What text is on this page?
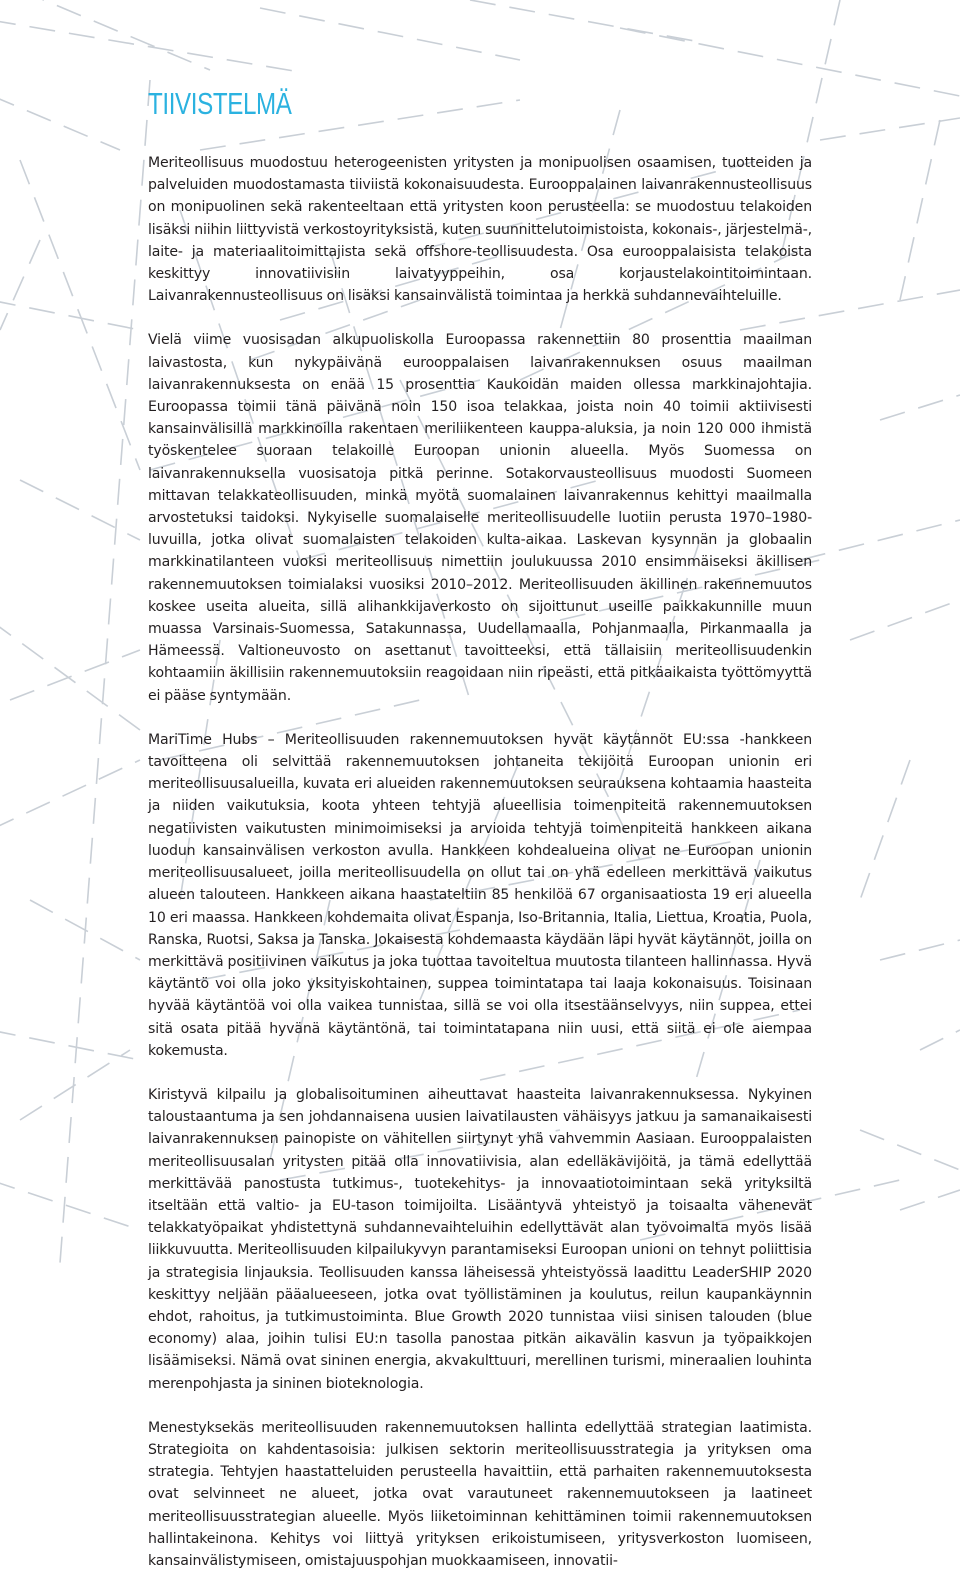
TIIVISTELMÄ

Meriteollisuus muodostuu heterogeenisten yritysten ja monipuolisen osaamisen, tuotteiden ja palveluiden muodostamasta tiiviistä kokonaisuudesta. Eurooppalainen laivanrakennusteollisuus on monipuolinen sekä rakenteeltaan että yritysten koon perusteella: se muodostuu telakoiden lisäksi niihin liittyvistä verkostoyrityksistä, kuten suunnittelutoimistoista, kokonais-, järjestelmä-, laite- ja materiaalitoimittajista sekä offshore-teollisuudesta. Osa eurooppalaisista telakoista keskittyy innovatiivisiin laivatyyppeihin, osa korjaustelakointitoimintaan. Laivanrakennusteollisuus on lisäksi kansainvälistä toimintaa ja herkkä suhdannevaihteluille.

Vielä viime vuosisadan alkupuoliskolla Euroopassa rakennettiin 80 prosenttia maailman laivastosta, kun nykypäivänä eurooppalaisen laivanrakennuksen osuus maailman laivanrakennuksesta on enää 15 prosenttia Kaukoidän maiden ollessa markkinajohtajia. Euroopassa toimii tänä päivänä noin 150 isoa telakkaa, joista noin 40 toimii aktiivisesti kansainvälisillä markkinoilla rakentaen meriliikenteen kauppa-aluksia, ja noin 120 000 ihmistä työskentelee suoraan telakoille Euroopan unionin alueella. Myös Suomessa on laivanrakennuksella vuosisatoja pitkä perinne. Sotakorvausteollisuus muodosti Suomeen mittavan telakkateollisuuden, minkä myötä suomalainen laivanrakennus kehittyi maailmalla arvostetuksi taidoksi. Nykyiselle suomalaiselle meriteollisuudelle luotiin perusta 1970–1980-luvuilla, jotka olivat suomalaisten telakoiden kulta-aikaa. Laskevan kysynnän ja globaalin markkinatilanteen vuoksi meriteollisuus nimettiin joulukuussa 2010 ensimmäiseksi äkillisen rakennemuutoksen toimialaksi vuosiksi 2010–2012. Meriteollisuuden äkillinen rakennemuutos koskee useita alueita, sillä alihankkijaverkosto on sijoittunut useille paikkakunnille muun muassa Varsinais-Suomessa, Satakunnassa, Uudellamaalla, Pohjanmaalla, Pirkanmaalla ja Hämeessä. Valtioneuvosto on asettanut tavoitteeksi, että tällaisiin meriteollisuudenkin kohtaamiin äkillisiin rakennemuutoksiin reagoidaan niin ripeästi, että pitkäaikaista työttömyyttä ei pääse syntymään.

MariTime Hubs – Meriteollisuuden rakennemuutoksen hyvät käytännöt EU:ssa -hankkeen tavoitteena oli selvittää rakennemuutoksen johtaneita tekijöitä Euroopan unionin eri meriteollisuusalueilla, kuvata eri alueiden rakennemuutoksen seurauksena kohtaamia haasteita ja niiden vaikutuksia, koota yhteen tehtyjä alueellisia toimenpiteitä rakennemuutoksen negatiivisten vaikutusten minimoimiseksi ja arvioida tehtyjä toimenpiteitä hankkeen aikana luodun kansainvälisen verkoston avulla. Hankkeen kohdealueina olivat ne Euroopan unionin meriteollisuusalueet, joilla meriteollisuudella on ollut tai on yhä edelleen merkittävä vaikutus alueen talouteen. Hankkeen aikana haastateltiin 85 henkilöä 67 organisaatiosta 19 eri alueella 10 eri maassa. Hankkeen kohdemaita olivat Espanja, Iso-Britannia, Italia, Liettua, Kroatia, Puola, Ranska, Ruotsi, Saksa ja Tanska. Jokaisesta kohdemaasta käydään läpi hyvät käytännöt, joilla on merkittävä positiivinen vaikutus ja joka tuottaa tavoiteltua muutosta tilanteen hallinnassa. Hyvä käytäntö voi olla joko yksityiskohtainen, suppea toimintatapa tai laaja kokonaisuus. Toisinaan hyvää käytäntöä voi olla vaikea tunnistaa, sillä se voi olla itsestäänselvyys, niin suppea, ettei sitä osata pitää hyvänä käytäntönä, tai toimintatapana niin uusi, että siitä ei ole aiempaa kokemusta.

Kiristyvä kilpailu ja globalisoituminen aiheuttavat haasteita laivanrakennuksessa. Nykyinen taloustaantuma ja sen johdannaisena uusien laivatilausten vähäisyys jatkuu ja samanaikaisesti laivanrakennuksen painopiste on vähitellen siirtynyt yhä vahvemmin Aasiaan. Eurooppalaisten meriteollisuusalan yritysten pitää olla innovatiivisia, alan edelläkävijöitä, ja tämä edellyttää merkittävää panostusta tutkimus-, tuotekehitys- ja innovaatiotoimintaan sekä yrityksiltä itseltään että valtio- ja EU-tason toimijoilta. Lisääntyvä yhteistyö ja toisaalta vähenevät telakkatyöpaikat yhdistettynä suhdannevaihteluihin edellyttävät alan työvoimalta myös lisää liikkuvuutta. Meriteollisuuden kilpailukyvyn parantamiseksi Euroopan unioni on tehnyt poliittisia ja strategisia linjauksia. Teollisuuden kanssa läheisessä yhteistyössä laadittu LeaderSHIP 2020 keskittyy neljään pääalueeseen, jotka ovat työllistäminen ja koulutus, reilun kaupankäynnin ehdot, rahoitus, ja tutkimustoiminta. Blue Growth 2020 tunnistaa viisi sinisen talouden (blue economy) alaa, joihin tulisi EU:n tasolla panostaa pitkän aikavälin kasvun ja työpaikkojen lisäämiseksi. Nämä ovat sininen energia, akvakulttuuri, merellinen turismi, mineraalien louhinta merenpohjasta ja sininen bioteknologia.

Menestyksekäs meriteollisuuden rakennemuutoksen hallinta edellyttää strategian laatimista. Strategioita on kahdentasoisia: julkisen sektorin meriteollisuusstrategia ja yrityksen oma strategia. Tehtyjen haastatteluiden perusteella havaittiin, että parhaiten rakennemuutoksesta ovat selvinneet ne alueet, jotka ovat varautuneet rakennemuutokseen ja laatineet meriteollisuusstrategian alueelle. Myös liiketoiminnan kehittäminen toimii rakennemuutoksen hallintakeinona. Kehitys voi liittyä yrityksen erikoistumiseen, yritysverkoston luomiseen, kansainvälistymiseen, omistajuuspohjan muokkaamiseen, innovatii-
